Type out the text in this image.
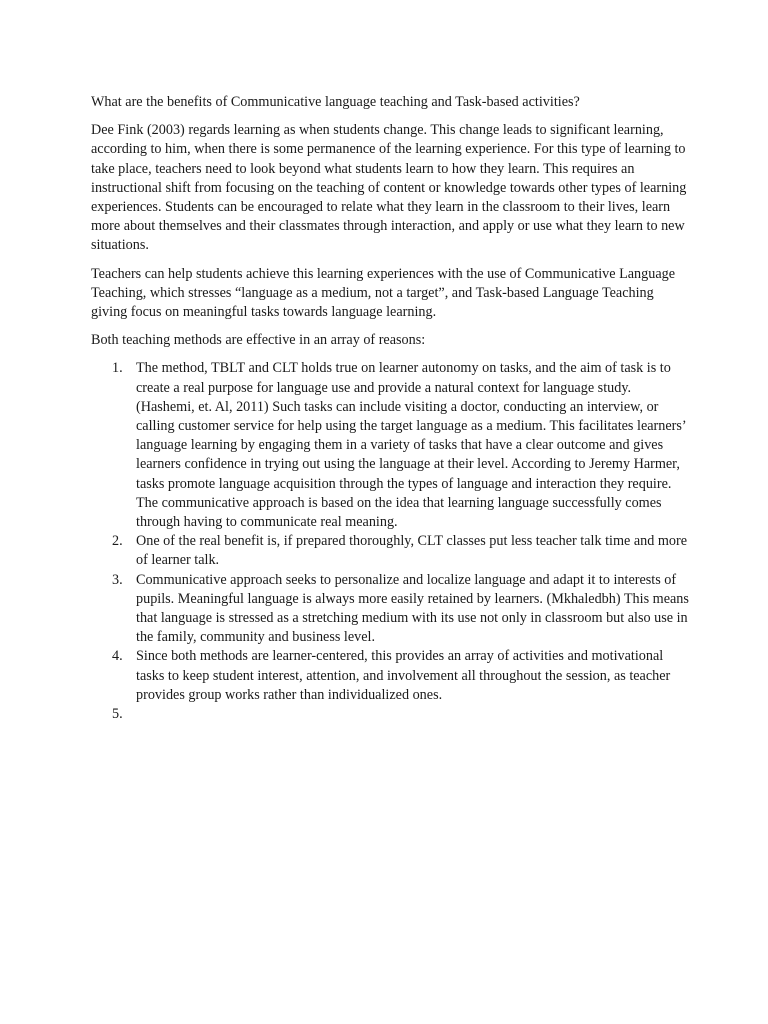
What are the benefits of Communicative language teaching and Task-based activities?

Dee Fink (2003) regards learning as when students change. This change leads to significant learning, according to him, when there is some permanence of the learning experience. For this type of learning to take place, teachers need to look beyond what students learn to how they learn. This requires an instructional shift from focusing on the teaching of content or knowledge towards other types of learning experiences. Students can be encouraged to relate what they learn in the classroom to their lives, learn more about themselves and their classmates through interaction, and apply or use what they learn to new situations.

Teachers can help students achieve this learning experiences with the use of Communicative Language Teaching, which stresses “language as a medium, not a target”, and Task-based Language Teaching giving focus on meaningful tasks towards language learning.

Both teaching methods are effective in an array of reasons:

1. The method, TBLT and CLT holds true on learner autonomy on tasks, and the aim of task is to create a real purpose for language use and provide a natural context for language study. (Hashemi, et. Al, 2011) Such tasks can include visiting a doctor, conducting an interview, or calling customer service for help using the target language as a medium. This facilitates learners’ language learning by engaging them in a variety of tasks that have a clear outcome and gives learners confidence in trying out using the language at their level. According to Jeremy Harmer, tasks promote language acquisition through the types of language and interaction they require. The communicative approach is based on the idea that learning language successfully comes through having to communicate real meaning.
2. One of the real benefit is, if prepared thoroughly, CLT classes put less teacher talk time and more of learner talk.
3. Communicative approach seeks to personalize and localize language and adapt it to interests of pupils. Meaningful language is always more easily retained by learners. (Mkhaledbh) This means that language is stressed as a stretching medium with its use not only in classroom but also use in the family, community and business level.
4. Since both methods are learner-centered, this provides an array of activities and motivational tasks to keep student interest, attention, and involvement all throughout the session, as teacher provides group works rather than individualized ones.
5.
